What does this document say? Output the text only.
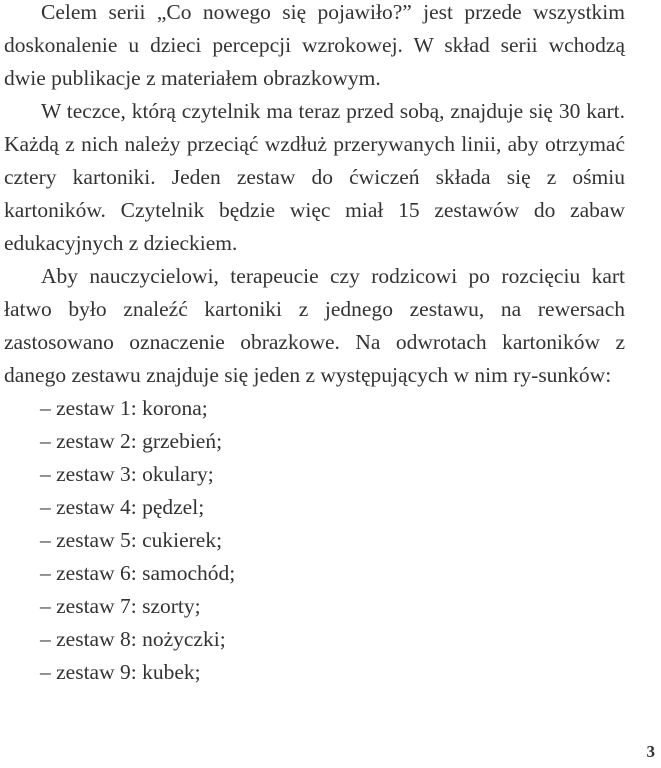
Celem serii „Co nowego się pojawiło?” jest przede wszystkim doskonalenie u dzieci percepcji wzrokowej. W skład serii wchodzą dwie publikacje z materiałem obrazkowym.

W teczce, którą czytelnik ma teraz przed sobą, znajduje się 30 kart. Każdą z nich należy przeciąć wzdłuż przerywanych linii, aby otrzymać cztery kartoniki. Jeden zestaw do ćwiczeń składa się z ośmiu kartoników. Czytelnik będzie więc miał 15 zestawów do zabaw edukacyjnych z dzieckiem.

Aby nauczycielowi, terapeucie czy rodzicowi po rozcięciu kart łatwo było znaleźć kartoniki z jednego zestawu, na rewersach zastosowano oznaczenie obrazkowe. Na odwrotach kartoników z danego zestawu znajduje się jeden z występujących w nim ry-sunków:

– zestaw 1: korona;
– zestaw 2: grzebień;
– zestaw 3: okulary;
– zestaw 4: pędzel;
– zestaw 5: cukierek;
– zestaw 6: samochód;
– zestaw 7: szorty;
– zestaw 8: nożyczki;
– zestaw 9: kubek;
3
